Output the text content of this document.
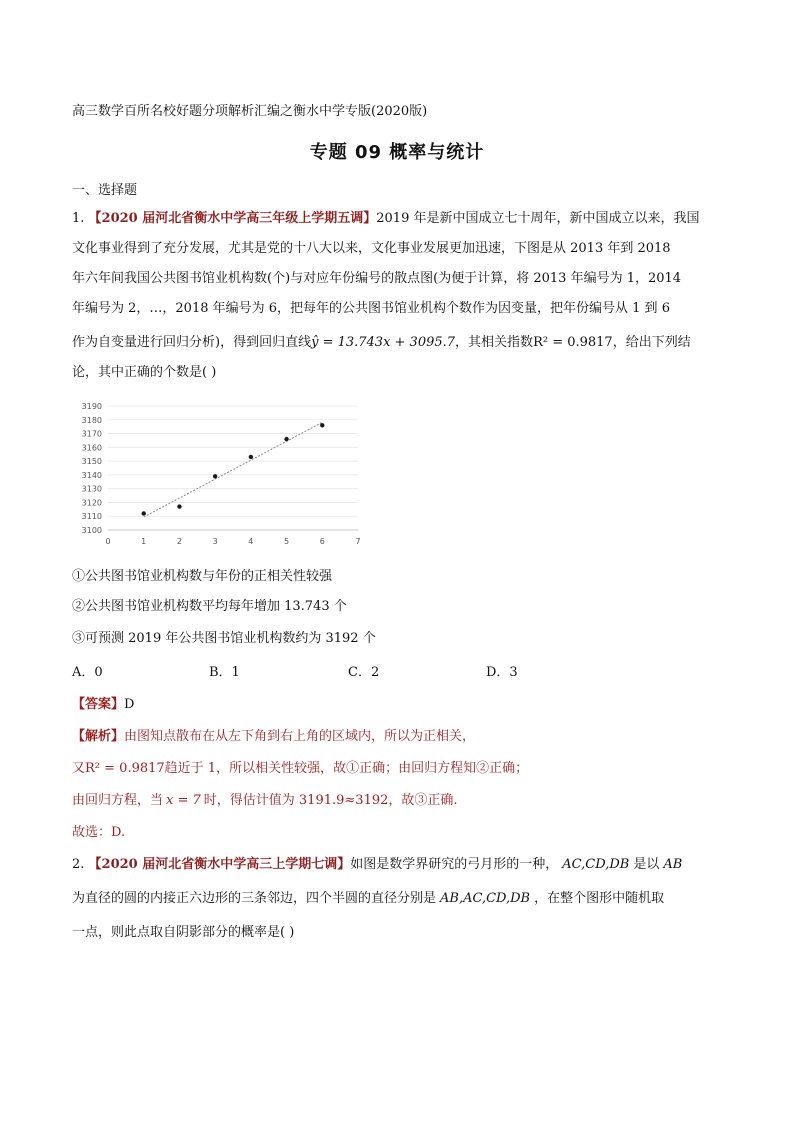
高三数学百所名校好题分项解析汇编之衡水中学专版(2020版)
专题 09 概率与统计
一、选择题
1. 【2020 届河北省衡水中学高三年级上学期五调】2019 年是新中国成立七十周年，新中国成立以来，我国
文化事业得到了充分发展，尤其是党的十八大以来，文化事业发展更加迅速，下图是从 2013 年到 2018
年六年间我国公共图书馆业机构数(个)与对应年份编号的散点图(为便于计算，将 2013 年编号为 1，2014
年编号为 2，…，2018 年编号为 6，把每年的公共图书馆业机构个数作为因变量，把年份编号从 1 到 6
作为自变量进行回归分析)，得到回归直线ŷ = 13.743x + 3095.7，其相关指数R² = 0.9817，给出下列结
论，其中正确的个数是( )
3100
3110
3120
3130
3140
3150
3160
3170
3180
3190
0	1	2	3	4	5	6	7
①公共图书馆业机构数与年份的正相关性较强
②公共图书馆业机构数平均每年增加 13.743 个
③可预测 2019 年公共图书馆业机构数约为 3192 个
A．0	B．1	C．2	D．3
【答案】D
【解析】由图知点散布在从左下角到右上角的区域内，所以为正相关，
又R² = 0.9817趋近于 1，所以相关性较强，故①正确；由回归方程知②正确；
由回归方程，当 x = 7 时，得估计值为 3191.9≈3192，故③正确.
故选：D.
2. 【2020 届河北省衡水中学高三上学期七调】如图是数学界研究的弓月形的一种， AC,CD,DB 是以 AB
为直径的圆的内接正六边形的三条邻边，四个半圆的直径分别是 AB,AC,CD,DB ，在整个图形中随机取
一点，则此点取自阴影部分的概率是( )
